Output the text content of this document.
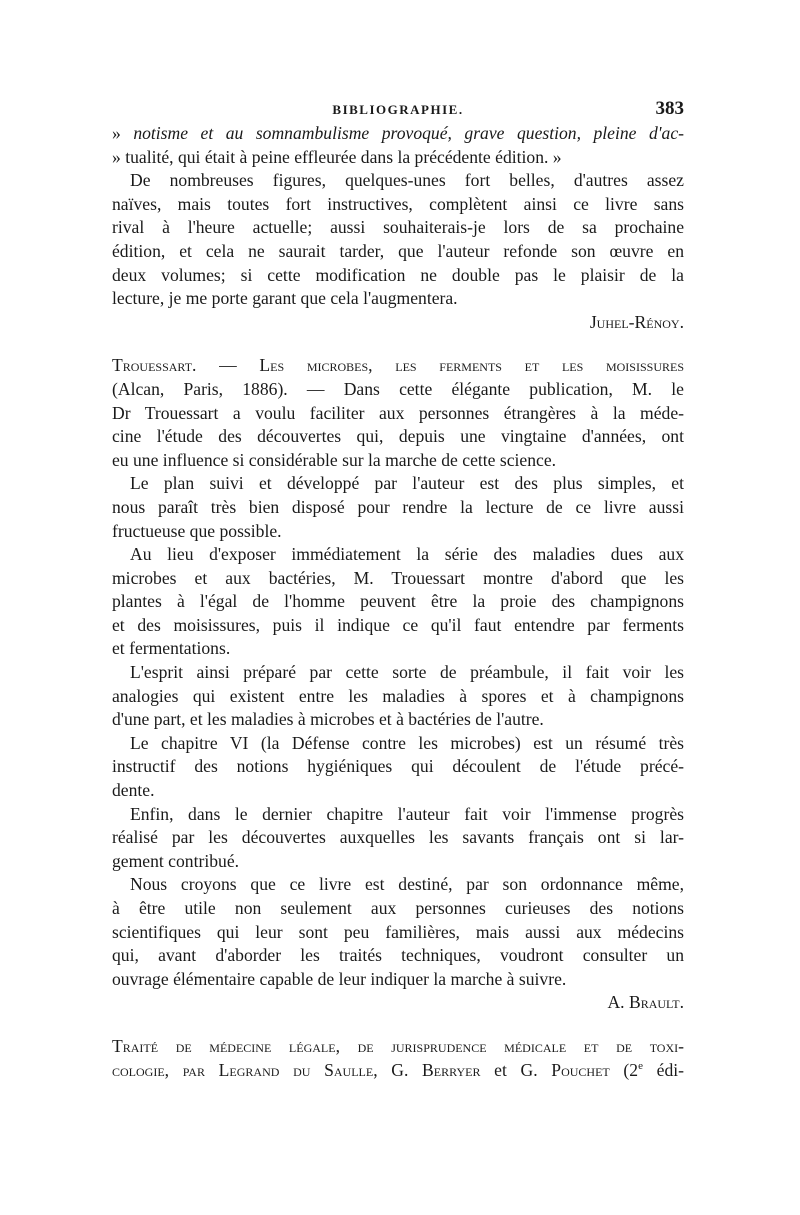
BIBLIOGRAPHIE.	383
» notisme et au somnambulisme provoqué, grave question, pleine d'ac-
» tualité, qui était à peine effleurée dans la précédente édition. »
De nombreuses figures, quelques-unes fort belles, d'autres assez
naïves, mais toutes fort instructives, complètent ainsi ce livre sans
rival à l'heure actuelle; aussi souhaiterais-je lors de sa prochaine
édition, et cela ne saurait tarder, que l'auteur refonde son œuvre en
deux volumes; si cette modification ne double pas le plaisir de la
lecture, je me porte garant que cela l'augmentera.
Juhel-Rénoy.
Trouessart. — Les microbes, les ferments et les moisissures
(Alcan, Paris, 1886). — Dans cette élégante publication, M. le
Dr Trouessart a voulu faciliter aux personnes étrangères à la méde-
cine l'étude des découvertes qui, depuis une vingtaine d'années, ont
eu une influence si considérable sur la marche de cette science.
Le plan suivi et développé par l'auteur est des plus simples, et
nous paraît très bien disposé pour rendre la lecture de ce livre aussi
fructueuse que possible.
Au lieu d'exposer immédiatement la série des maladies dues aux
microbes et aux bactéries, M. Trouessart montre d'abord que les
plantes à l'égal de l'homme peuvent être la proie des champignons
et des moisissures, puis il indique ce qu'il faut entendre par ferments
et fermentations.
L'esprit ainsi préparé par cette sorte de préambule, il fait voir les
analogies qui existent entre les maladies à spores et à champignons
d'une part, et les maladies à microbes et à bactéries de l'autre.
Le chapitre VI (la Défense contre les microbes) est un résumé très
instructif des notions hygiéniques qui découlent de l'étude précé-
dente.
Enfin, dans le dernier chapitre l'auteur fait voir l'immense progrès
réalisé par les découvertes auxquelles les savants français ont si lar-
gement contribué.
Nous croyons que ce livre est destiné, par son ordonnance même,
à être utile non seulement aux personnes curieuses des notions
scientifiques qui leur sont peu familières, mais aussi aux médecins
qui, avant d'aborder les traités techniques, voudront consulter un
ouvrage élémentaire capable de leur indiquer la marche à suivre.
A. Brault.
Traité de médecine légale, de jurisprudence médicale et de toxi-
cologie, par Legrand du Saulle, G. Berryer et G. Pouchet (2e édi-
